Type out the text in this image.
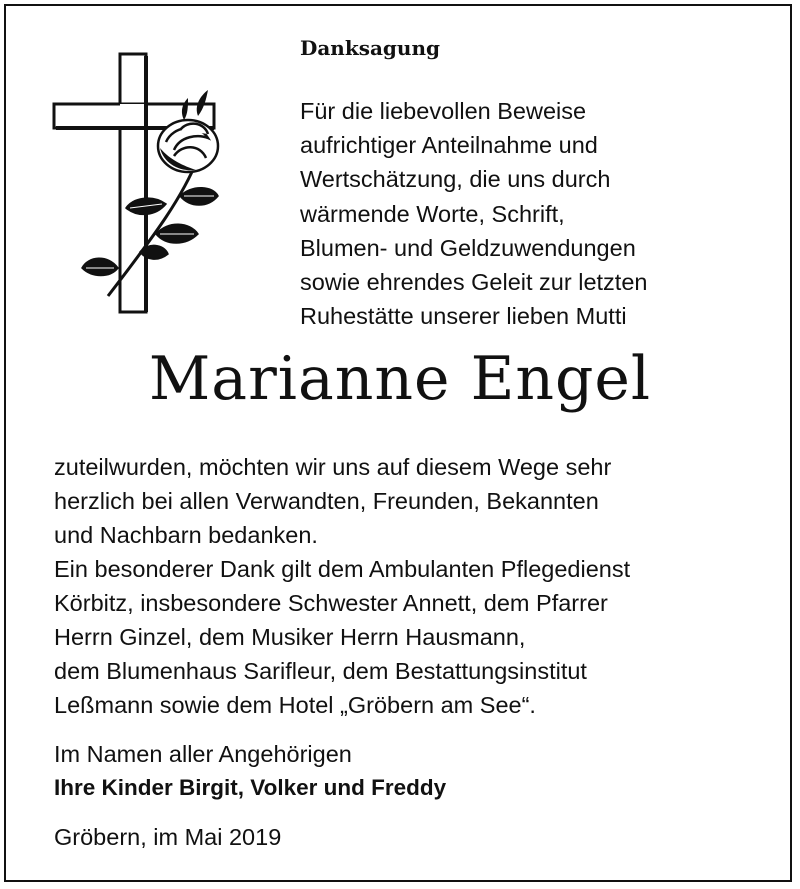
Danksagung
Für die liebevollen Beweise
aufrichtiger Anteilnahme und
Wertschätzung, die uns durch
wärmende Worte, Schrift,
Blumen- und Geldzuwendungen
sowie ehrendes Geleit zur letzten
Ruhestätte unserer lieben Mutti
Marianne Engel
zuteilwurden, möchten wir uns auf diesem Wege sehr
herzlich bei allen Verwandten, Freunden, Bekannten
und Nachbarn bedanken.
Ein besonderer Dank gilt dem Ambulanten Pflegedienst
Körbitz, insbesondere Schwester Annett, dem Pfarrer
Herrn Ginzel, dem Musiker Herrn Hausmann,
dem Blumenhaus Sarifleur, dem Bestattungsinstitut
Leßmann sowie dem Hotel „Gröbern am See“.
Im Namen aller Angehörigen
Ihre Kinder Birgit, Volker und Freddy
Gröbern, im Mai 2019
